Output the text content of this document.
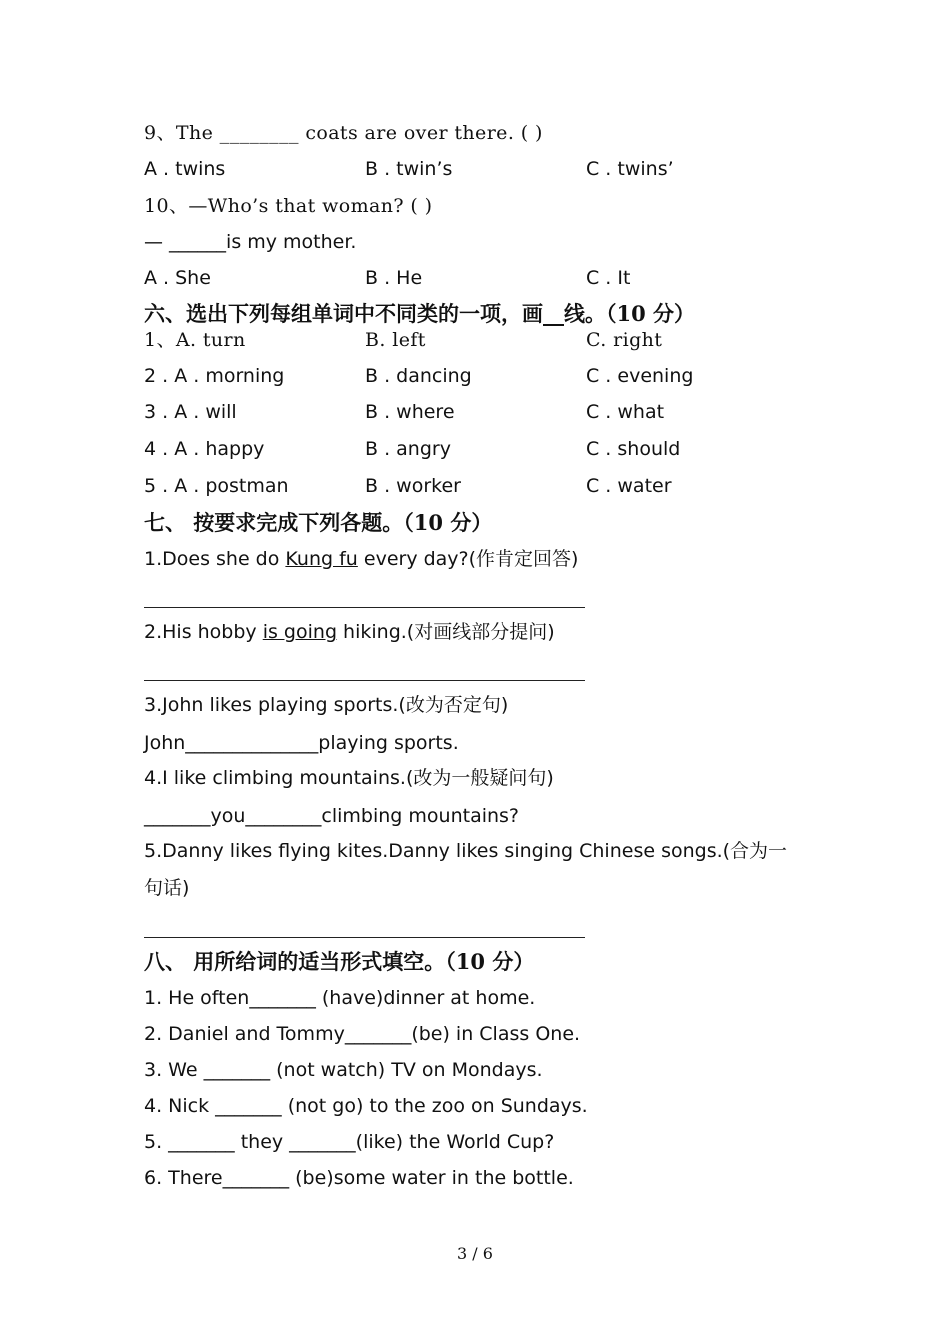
9、The ________ coats are over there. ( )
A . twins	B . twin’s	C . twins’
10、—Who’s that woman? ( )
— ______is my mother.
A . She	B . He	C . It
六、选出下列每组单词中不同类的一项，画__线。（10 分）
1、A. turn	B. left	C. right
2 . A . morning	B . dancing	C . evening
3 . A . will	B . where	C . what
4 . A . happy	B . angry	C . should
5 . A . postman	B . worker	C . water
七、 按要求完成下列各题。（10 分）
1.Does she do Kung fu every day?(作肯定回答)
2.His hobby is going hiking.(对画线部分提问)
3.John likes playing sports.(改为否定句)
John______________playing sports.
4.I like climbing mountains.(改为一般疑问句)
_______you________climbing mountains?
5.Danny likes flying kites.Danny likes singing Chinese songs.(合为一句话)
八、 用所给词的适当形式填空。（10 分）
1. He often_______ (have)dinner at home.
2. Daniel and Tommy_______(be) in Class One.
3. We _______ (not watch) TV on Mondays.
4. Nick _______ (not go) to the zoo on Sundays.
5. _______ they _______(like) the World Cup?
6. There_______ (be)some water in the bottle.
3 / 6
